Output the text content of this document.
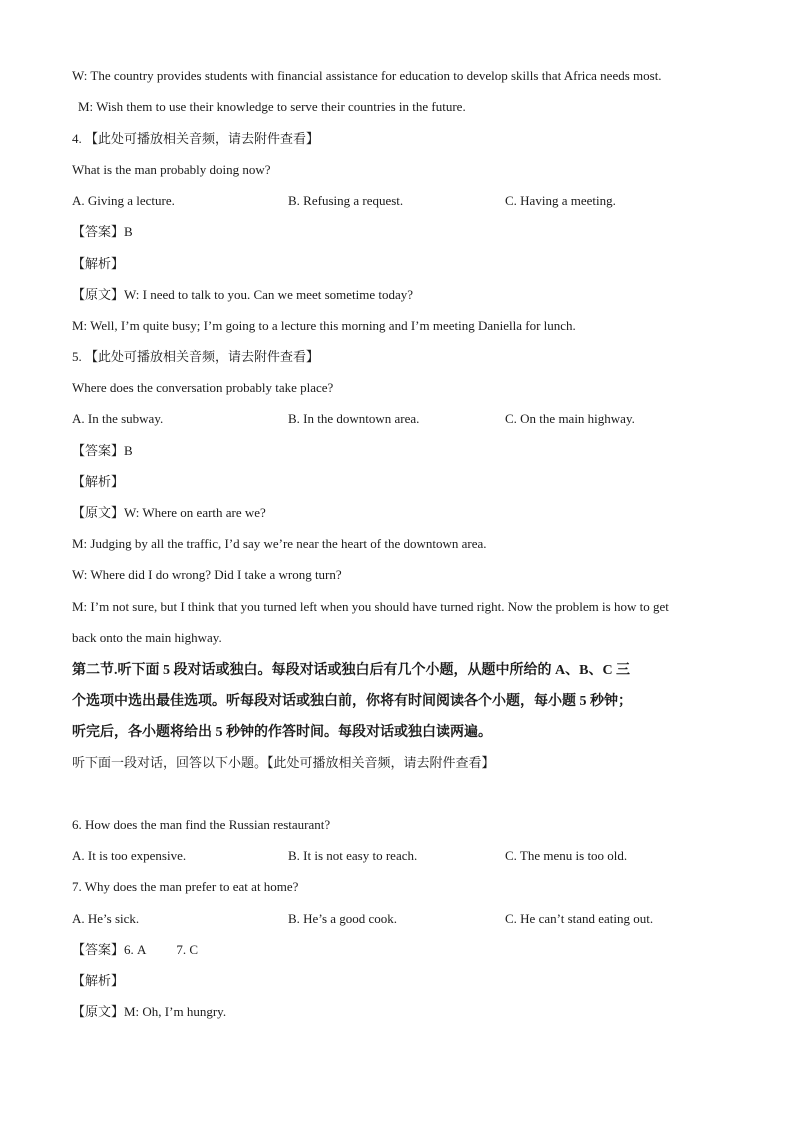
W: The country provides students with financial assistance for education to develop skills that Africa needs most.
M: Wish them to use their knowledge to serve their countries in the future.
4. 【此处可播放相关音频，请去附件查看】
What is the man probably doing now?
A. Giving a lecture.	B. Refusing a request.	C. Having a meeting.
【答案】B
【解析】
【原文】W: I need to talk to you. Can we meet sometime today?
M: Well, I’m quite busy; I’m going to a lecture this morning and I’m meeting Daniella for lunch.
5. 【此处可播放相关音频，请去附件查看】
Where does the conversation probably take place?
A. In the subway.	B. In the downtown area.	C. On the main highway.
【答案】B
【解析】
【原文】W: Where on earth are we?
M: Judging by all the traffic, I’d say we’re near the heart of the downtown area.
W: Where did I do wrong? Did I take a wrong turn?
M: I’m not sure, but I think that you turned left when you should have turned right. Now the problem is how to get
back onto the main highway.
第二节.听下面 5 段对话或独白。每段对话或独白后有几个小题，从题中所给的 A、B、C 三
个选项中选出最佳选项。听每段对话或独白前，你将有时间阅读各个小题，每小题 5 秒钟；
听完后，各小题将给出 5 秒钟的作答时间。每段对话或独白读两遍。
听下面一段对话，回答以下小题。【此处可播放相关音频，请去附件查看】
6. How does the man find the Russian restaurant?
A. It is too expensive.	B. It is not easy to reach.	C. The menu is too old.
7. Why does the man prefer to eat at home?
A. He’s sick.	B. He’s a good cook.	C. He can’t stand eating out.
【答案】6. A 7. C
【解析】
【原文】M: Oh, I’m hungry.
